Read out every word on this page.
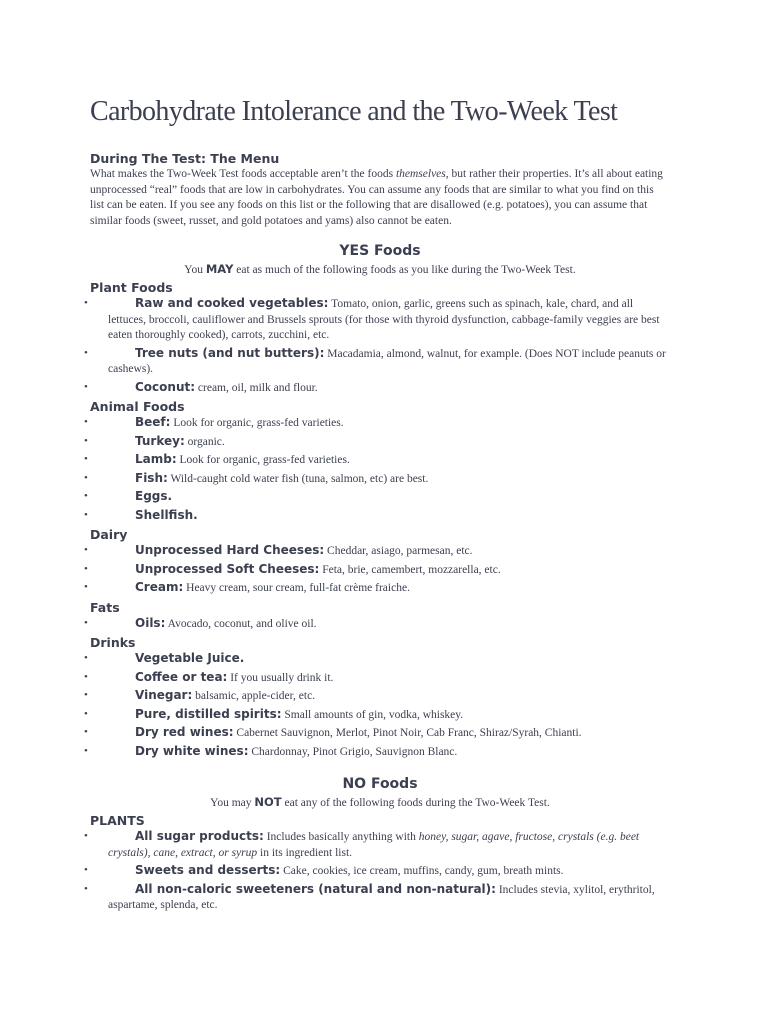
Carbohydrate Intolerance and the Two-Week Test
During The Test: The Menu

What makes the Two-Week Test foods acceptable aren’t the foods themselves, but rather their properties. It’s all about eating unprocessed “real” foods that are low in carbohydrates. You can assume any foods that are similar to what you find on this list can be eaten. If you see any foods on this list or the following that are disallowed (e.g. potatoes), you can assume that similar foods (sweet, russet, and gold potatoes and yams) also cannot be eaten.

YES Foods

You MAY eat as much of the following foods as you like during the Two-Week Test.

Plant Foods
•	Raw and cooked vegetables: Tomato, onion, garlic, greens such as spinach, kale, chard, and all lettuces, broccoli, cauliflower and Brussels sprouts (for those with thyroid dysfunction, cabbage-family veggies are best eaten thoroughly cooked), carrots, zucchini, etc.
•	Tree nuts (and nut butters): Macadamia, almond, walnut, for example. (Does NOT include peanuts or cashews).
•	Coconut: cream, oil, milk and flour.
Animal Foods
•	Beef: Look for organic, grass-fed varieties.
•	Turkey: organic.
•	Lamb: Look for organic, grass-fed varieties.
•	Fish: Wild-caught cold water fish (tuna, salmon, etc) are best.
•	Eggs.
•	Shellfish.
Dairy
•	Unprocessed Hard Cheeses: Cheddar, asiago, parmesan, etc.
•	Unprocessed Soft Cheeses: Feta, brie, camembert, mozzarella, etc.
•	Cream: Heavy cream, sour cream, full-fat crème fraiche.
Fats
•	Oils: Avocado, coconut, and olive oil.
Drinks
•	Vegetable Juice.
•	Coffee or tea: If you usually drink it.
•	Vinegar: balsamic, apple-cider, etc.
•	Pure, distilled spirits: Small amounts of gin, vodka, whiskey.
•	Dry red wines: Cabernet Sauvignon, Merlot, Pinot Noir, Cab Franc, Shiraz/Syrah, Chianti.
•	Dry white wines: Chardonnay, Pinot Grigio, Sauvignon Blanc.
NO Foods

You may NOT eat any of the following foods during the Two-Week Test.

PLANTS
•	All sugar products: Includes basically anything with honey, sugar, agave, fructose, crystals (e.g. beet crystals), cane, extract, or syrup in its ingredient list.
•	Sweets and desserts: Cake, cookies, ice cream, muffins, candy, gum, breath mints.
•	All non-caloric sweeteners (natural and non-natural): Includes stevia, xylitol, erythritol, aspartame, splenda, etc.
